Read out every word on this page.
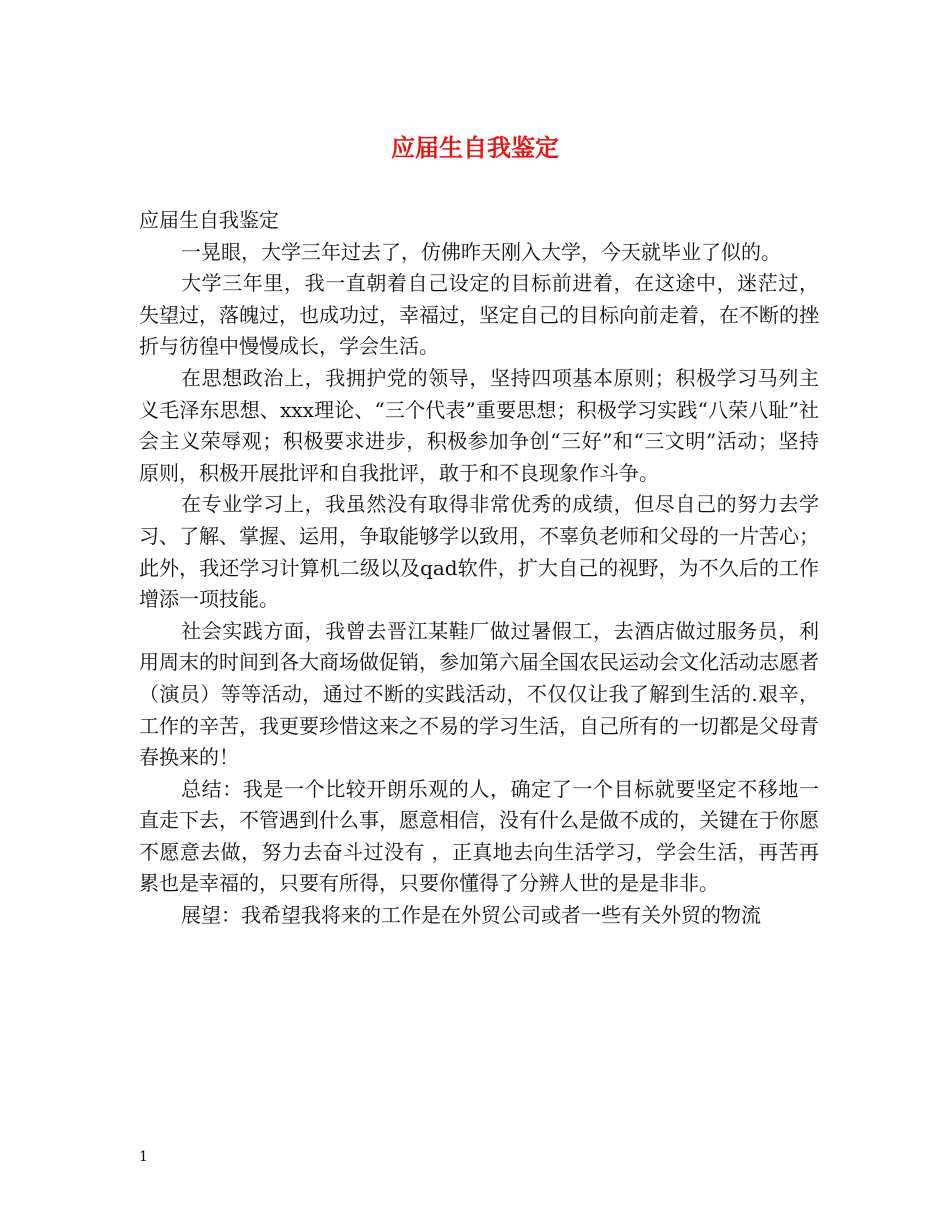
应届生自我鉴定

应届生自我鉴定

一晃眼，大学三年过去了，仿佛昨天刚入大学，今天就毕业了似的。

大学三年里，我一直朝着自己设定的目标前进着，在这途中，迷茫过，失望过，落魄过，也成功过，幸福过，坚定自己的目标向前走着，在不断的挫折与彷徨中慢慢成长，学会生活。

在思想政治上，我拥护党的领导，坚持四项基本原则；积极学习马列主义毛泽东思想、xxx理论、“三个代表”重要思想；积极学习实践“八荣八耻”社会主义荣辱观；积极要求进步，积极参加争创“三好”和“三文明”活动；坚持原则，积极开展批评和自我批评，敢于和不良现象作斗争。

在专业学习上，我虽然没有取得非常优秀的成绩，但尽自己的努力去学习、了解、掌握、运用，争取能够学以致用，不辜负老师和父母的一片苦心；此外，我还学习计算机二级以及qad软件，扩大自己的视野，为不久后的工作增添一项技能。

社会实践方面，我曾去晋江某鞋厂做过暑假工，去酒店做过服务员，利用周末的时间到各大商场做促销，参加第六届全国农民运动会文化活动志愿者（演员）等等活动，通过不断的实践活动，不仅仅让我了解到生活的.艰辛，工作的辛苦，我更要珍惜这来之不易的学习生活，自己所有的一切都是父母青春换来的！

总结：我是一个比较开朗乐观的人，确定了一个目标就要坚定不移地一直走下去，不管遇到什么事，愿意相信，没有什么是做不成的，关键在于你愿不愿意去做，努力去奋斗过没有 ，正真地去向生活学习，学会生活，再苦再累也是幸福的，只要有所得，只要你懂得了分辨人世的是是非非。

展望：我希望我将来的工作是在外贸公司或者一些有关外贸的物流

1
